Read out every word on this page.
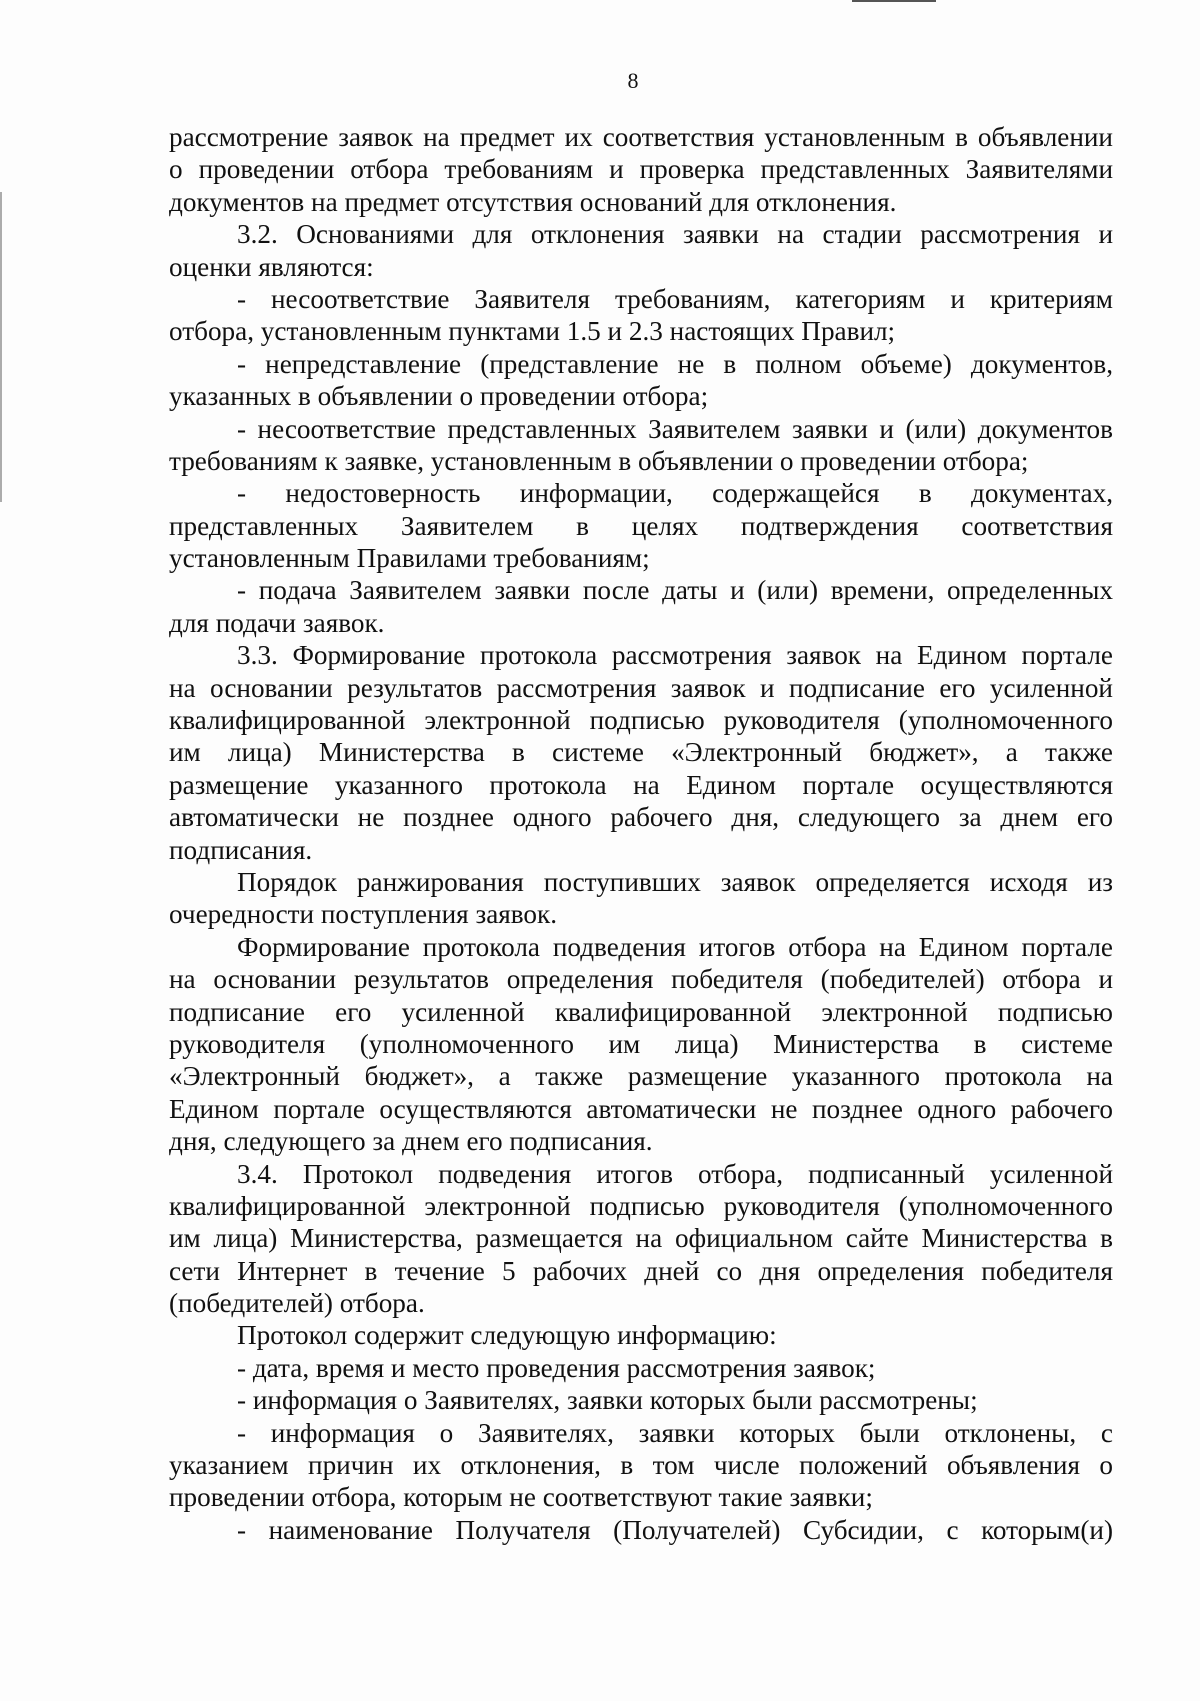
8
рассмотрение заявок на предмет их соответствия установленным в объявлении
о проведении отбора требованиям и проверка представленных Заявителями
документов на предмет отсутствия оснований для отклонения.
3.2. Основаниями для отклонения заявки на стадии рассмотрения и
оценки являются:
- несоответствие Заявителя требованиям, категориям и критериям
отбора, установленным пунктами 1.5 и 2.3 настоящих Правил;
- непредставление (представление не в полном объеме) документов,
указанных в объявлении о проведении отбора;
- несоответствие представленных Заявителем заявки и (или) документов
требованиям к заявке, установленным в объявлении о проведении отбора;
- недостоверность информации, содержащейся в документах,
представленных Заявителем в целях подтверждения соответствия
установленным Правилами требованиям;
- подача Заявителем заявки после даты и (или) времени, определенных
для подачи заявок.
3.3. Формирование протокола рассмотрения заявок на Едином портале
на основании результатов рассмотрения заявок и подписание его усиленной
квалифицированной электронной подписью руководителя (уполномоченного
им лица) Министерства в системе «Электронный бюджет», а также
размещение указанного протокола на Едином портале осуществляются
автоматически не позднее одного рабочего дня, следующего за днем его
подписания.
Порядок ранжирования поступивших заявок определяется исходя из
очередности поступления заявок.
Формирование протокола подведения итогов отбора на Едином портале
на основании результатов определения победителя (победителей) отбора и
подписание его усиленной квалифицированной электронной подписью
руководителя (уполномоченного им лица) Министерства в системе
«Электронный бюджет», а также размещение указанного протокола на
Едином портале осуществляются автоматически не позднее одного рабочего
дня, следующего за днем его подписания.
3.4. Протокол подведения итогов отбора, подписанный усиленной
квалифицированной электронной подписью руководителя (уполномоченного
им лица) Министерства, размещается на официальном сайте Министерства в
сети Интернет в течение 5 рабочих дней со дня определения победителя
(победителей) отбора.
Протокол содержит следующую информацию:
- дата, время и место проведения рассмотрения заявок;
- информация о Заявителях, заявки которых были рассмотрены;
- информация о Заявителях, заявки которых были отклонены, с
указанием причин их отклонения, в том числе положений объявления о
проведении отбора, которым не соответствуют такие заявки;
- наименование Получателя (Получателей) Субсидии, с которым(и)
